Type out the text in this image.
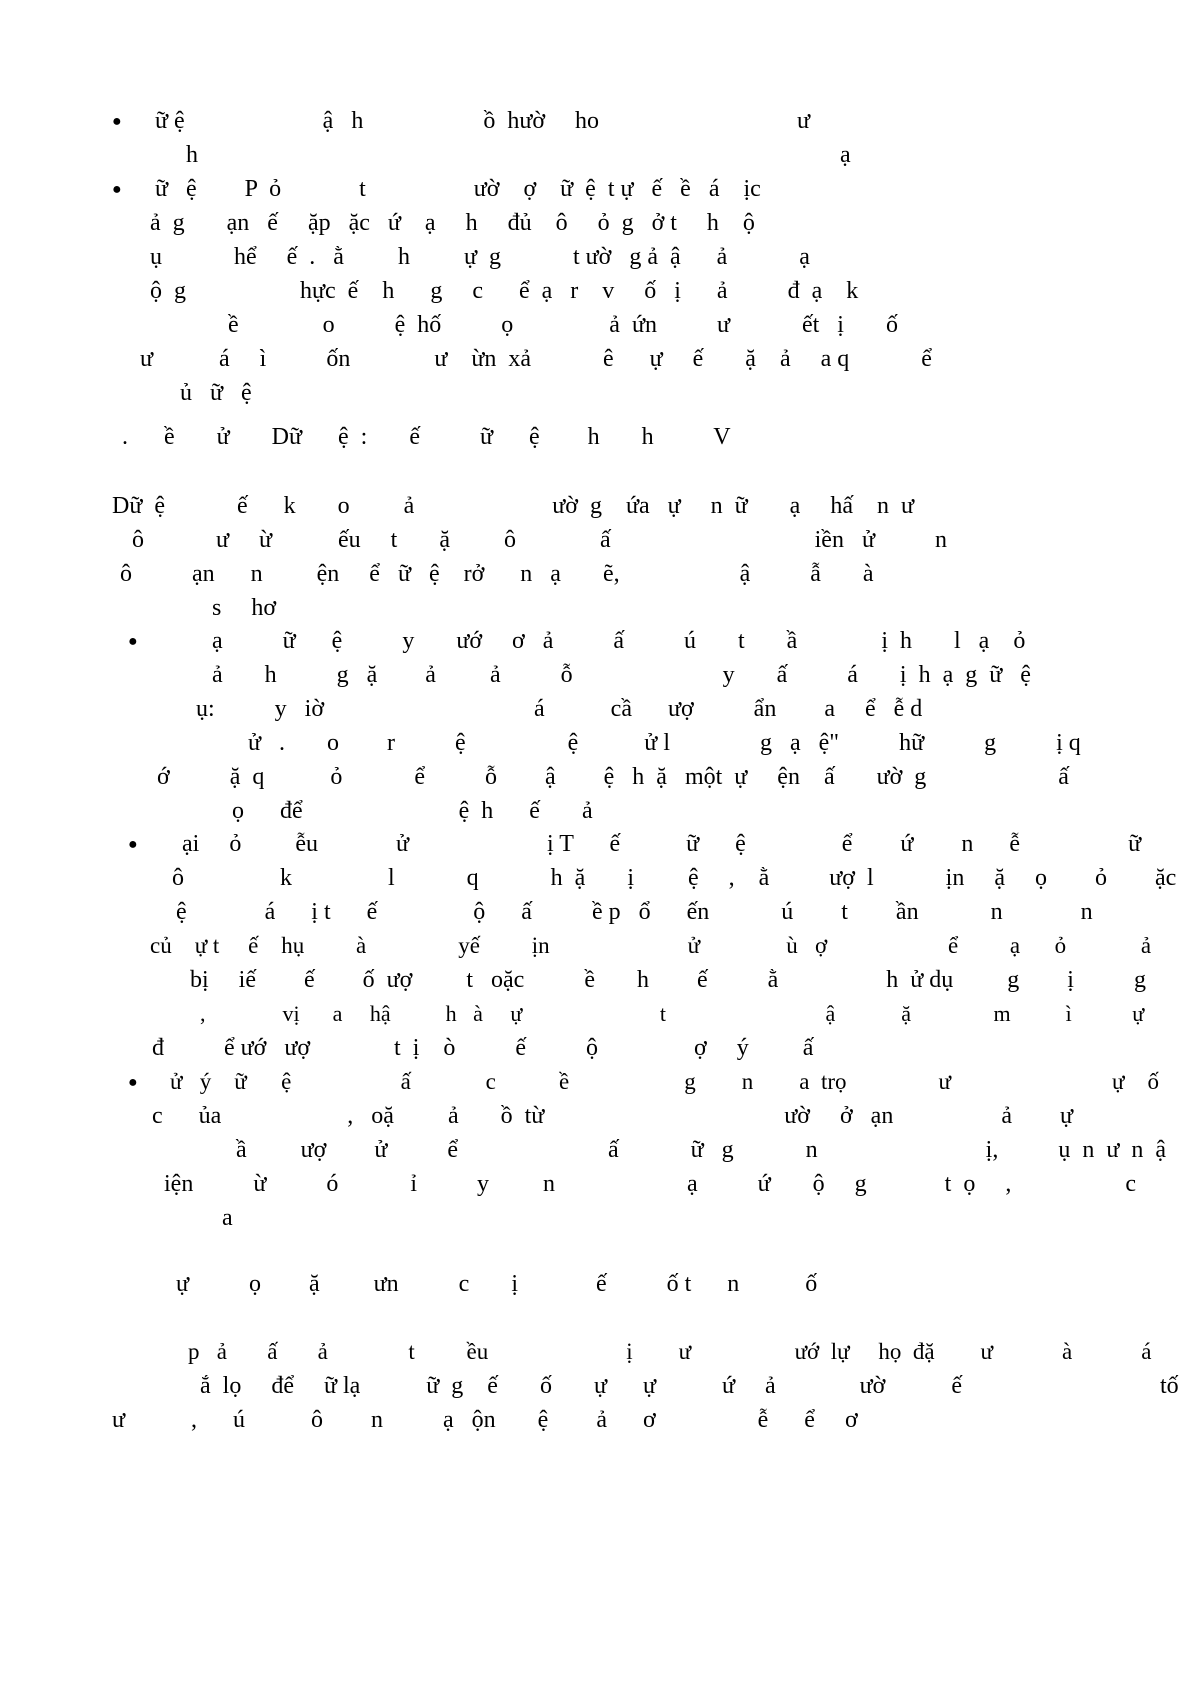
● ữ ệ                       ậ   h                    ồ  hườ     ho                                 ư
h                                                                                                           ạ
● ữ   ệ        P  ỏ             t                  ườ    ợ    ữ  ệ  t ự   ế   ề   á    ịc
ả  g       ạn   ế     ặp   ặc   ứ    ạ     h     đủ    ô     ỏ  g   ở t     h    ộ
ụ            hể     ế  .   ằ         h         ự  g            t ườ   g ả  ậ      ả            ạ
ộ  g                   hực  ế    h      g     c      ể  ạ   r    v     ố   ị      ả          đ  ạ    k
ề              o          ệ  hố          ọ                ả  ứn          ư            ết   ị       ố
ư           á     ì          ốn              ư    ừn  xả            ê      ự     ế       ặ    ả     a q            ể
ủ   ữ   ệ
.      ề       ử       Dữ      ệ  :       ế          ữ      ệ        h       h          V
Dữ  ệ            ế      k       o         ả                       ườ  g    ứa   ự     n  ữ       ạ     hấ    n  ư
ô            ư     ừ           ếu     t       ặ         ô              ấ                                  iền   ử          n
ô          ạn      n         ện     ể   ữ   ệ    rở      n   ạ       ẽ,                    ậ          ẫ       à
s     hơ
●	ạ          ữ      ệ          y       ướ     ơ   ả          ấ          ú       t       ầ              ị  h       l   ạ    ỏ
ả       h          g   ặ        ả         ả          ỗ                         y       ấ          á       ị  h  ạ  g  ữ   ệ
ụ:          y   iờ                                   á           cầ      ượ          ẩn        a     ể   ễ d
ử   .       o        r          ệ                 ệ           ử l               g   ạ   ệ"          hữ          g          ị q
ớ          ặ  q           ỏ            ể          ỗ        ậ        ệ   h  ặ   một  ự     ện    ấ       ườ  g                      ấ
ọ      để                          ệ  h      ế       ả
● ại     ỏ         ễu             ử                       ị T      ế           ữ      ệ                ể        ứ        n      ễ                  ữ
ô                k                l            q            h  ặ       ị         ệ     ,    ằ          ượ  l            ịn     ặ     ọ        ỏ        ặc
ệ             á      ị t      ế                ộ      ấ          ề p   ổ      ến            ú        t        ần            n             n
củ    ự t     ế    hụ         à                yế         ịn                        ử               ù   ợ                     ể         ạ      ỏ             ả
bị     iế        ế        ố  ượ         t   oặc          ề       h        ế          ằ                  h  ử dụ         g        ị          g
,              vị      a     hậ          h   à     ự                         t                             ậ            ặ               m          ì           ự
đ          ể ướ   ượ              t  ị    ò          ế          ộ                ợ     ý         ấ
● ử   ý    ữ      ệ                   ấ             c           ề                    g        n        a  trọ                ư                            ự    ố
c      ủa                     ,   oặ         ả       ồ  từ                                        ườ     ở   ạn                  ả        ự
ầ         ượ        ử          ể                         ấ            ữ   g            n                            ị,          ụ  n  ư  n  ậ
iện          ừ          ó            ỉ          y         n                      ạ          ứ       ộ     g             t  ọ     ,                   c
a
ự          ọ        ặ         ưn          c       ị             ế          ố t      n           ố
p   ả       ấ       ả              t         ều                        ị        ư                  ướ  lự     họ  đặ        ư            à            á
ắ  lọ     để     ữ lạ           ữ  g    ế       ố       ự      ự           ứ     ả              ườ           ế                                 tố
ư           ,      ú           ô        n          ạ   ộn       ệ        ả      ơ                 ễ      ể     ơ
